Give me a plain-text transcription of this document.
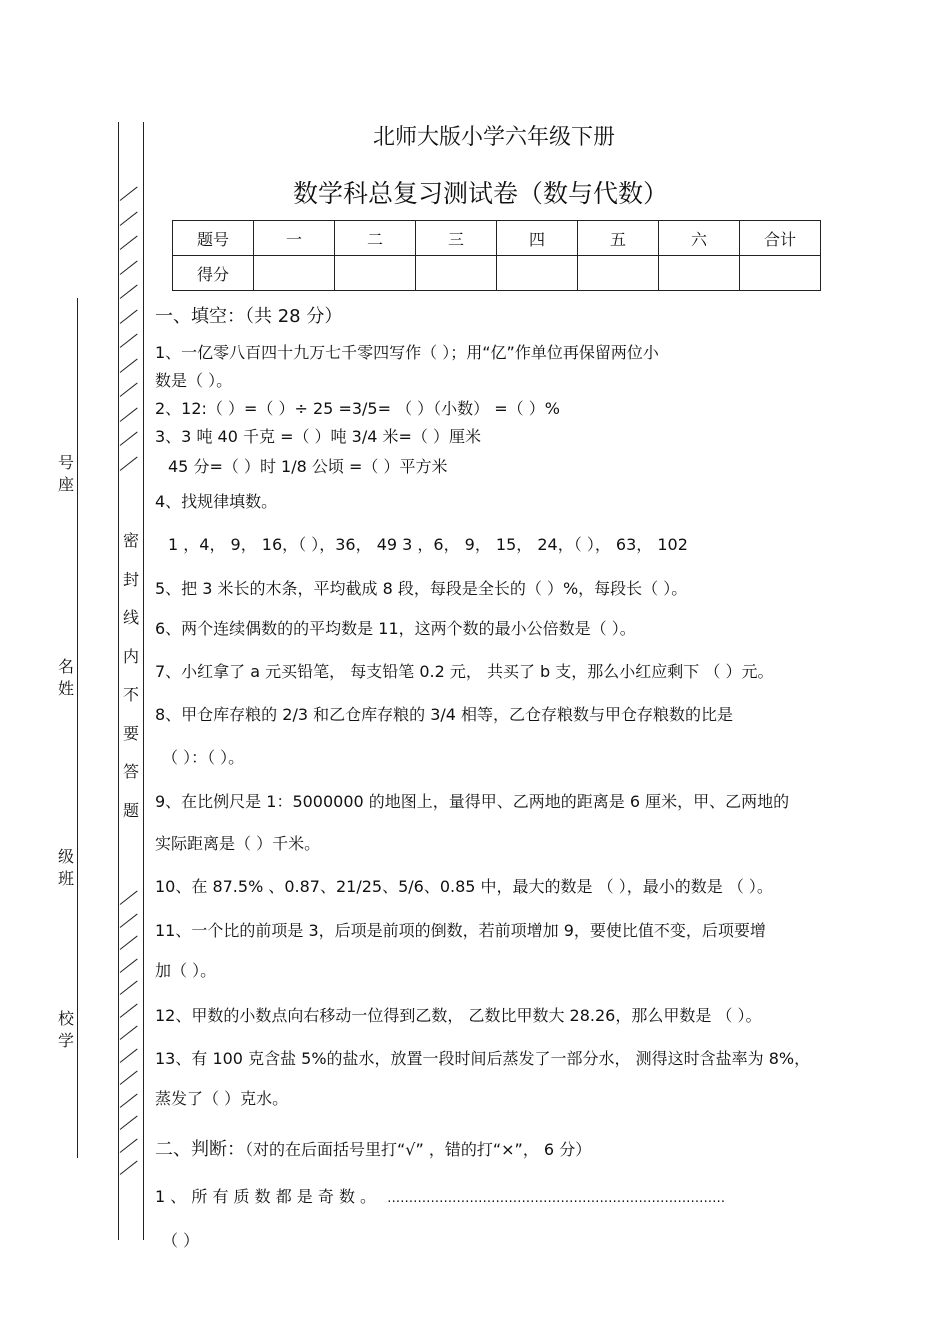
号
座
名
姓
级
班
校
学
密
封
线
内
不
要
答
题
北师大版小学六年级下册
数学科总复习测试卷（数与代数）
题号	一	二	三	四	五	六	合计
得分							
一、填空：（共 28 分）
1、一亿零八百四十九万七千零四写作（ ）；用“亿”作单位再保留两位小
数是（ ）。
2、12:（ ）=（ ）÷ 25 =3/5= （ ）（小数） =（ ）%
3、3 吨 40 千克 =（ ）吨 3/4 米=（ ）厘米
45 分=（ ）时 1/8 公顷 =（ ）平方米
4、找规律填数。
1 ，4， 9， 16，（ ），36， 49 3 ，6， 9， 15， 24，（ ）， 63， 102
5、把 3 米长的木条，平均截成 8 段，每段是全长的（ ）%，每段长（ ）。
6、两个连续偶数的的平均数是 11，这两个数的最小公倍数是（ ）。
7、小红拿了 a 元买铅笔， 每支铅笔 0.2 元， 共买了 b 支，那么小红应剩下 （ ）元。
8、甲仓库存粮的 2/3 和乙仓库存粮的 3/4 相等，乙仓存粮数与甲仓存粮数的比是
（ ）：（ ）。
9、在比例尺是 1：5000000 的地图上，量得甲、乙两地的距离是 6 厘米，甲、乙两地的
实际距离是（ ）千米。
10、在 87.5% 、0.87、21/25、5/6、0.85 中，最大的数是 （ ），最小的数是 （ ）。
11、一个比的前项是 3，后项是前项的倒数，若前项增加 9，要使比值不变，后项要增
加（ ）。
12、甲数的小数点向右移动一位得到乙数， 乙数比甲数大 28.26，那么甲数是 （ ）。
13、有 100 克含盐 5%的盐水，放置一段时间后蒸发了一部分水， 测得这时含盐率为 8%，
蒸发了（ ）克水。
二、判断：（对的在后面括号里打“√” ，错的打“×”， 6 分）
1 、 所 有 质 数 都 是 奇 数 。 ……………………………………………………………………
（ ）
